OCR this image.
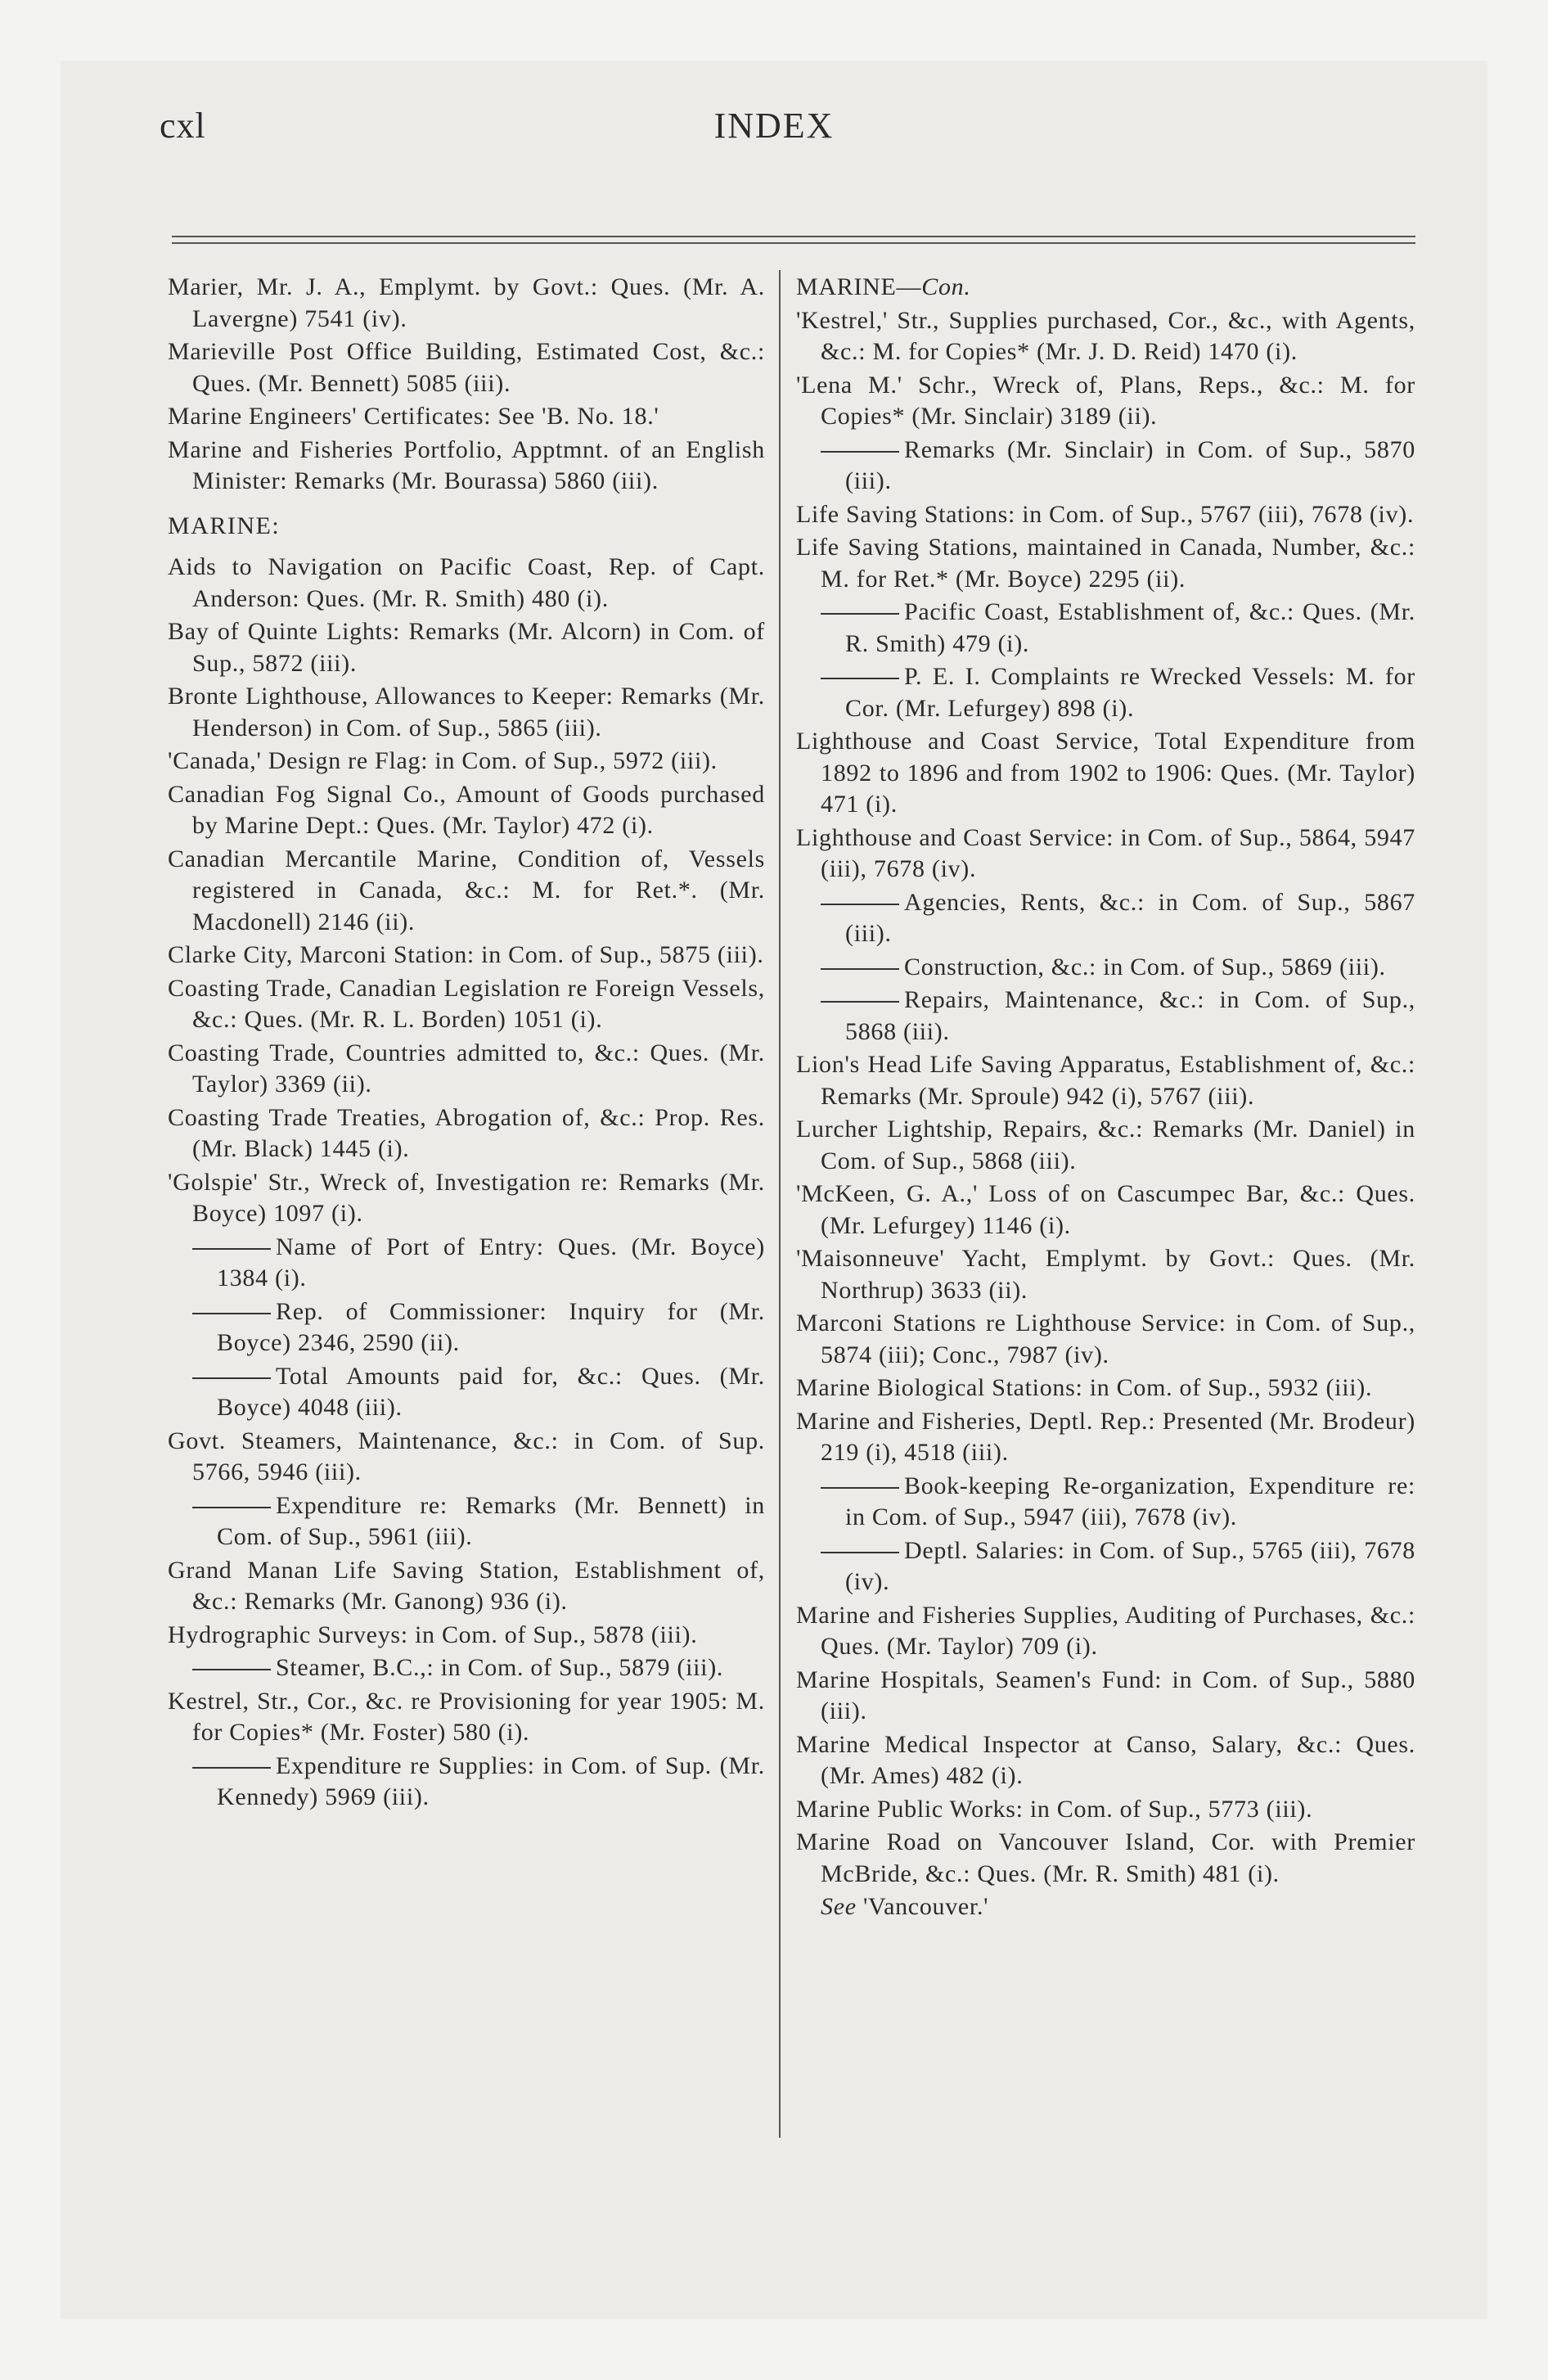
cxl	INDEX

Marier, Mr. J. A., Emplymt. by Govt.: Ques. (Mr. A. Lavergne) 7541 (iv).

Marieville Post Office Building, Estimated Cost, &c.: Ques. (Mr. Bennett) 5085 (iii).

Marine Engineers' Certificates: See 'B. No. 18.'

Marine and Fisheries Portfolio, Apptmnt. of an English Minister: Remarks (Mr. Bourassa) 5860 (iii).

MARINE:

Aids to Navigation on Pacific Coast, Rep. of Capt. Anderson: Ques. (Mr. R. Smith) 480 (i).

Bay of Quinte Lights: Remarks (Mr. Alcorn) in Com. of Sup., 5872 (iii).

Bronte Lighthouse, Allowances to Keeper: Remarks (Mr. Henderson) in Com. of Sup., 5865 (iii).

'Canada,' Design re Flag: in Com. of Sup., 5972 (iii).

Canadian Fog Signal Co., Amount of Goods purchased by Marine Dept.: Ques. (Mr. Taylor) 472 (i).

Canadian Mercantile Marine, Condition of, Vessels registered in Canada, &c.: M. for Ret.*. (Mr. Macdonell) 2146 (ii).

Clarke City, Marconi Station: in Com. of Sup., 5875 (iii).

Coasting Trade, Canadian Legislation re Foreign Vessels, &c.: Ques. (Mr. R. L. Borden) 1051 (i).

Coasting Trade, Countries admitted to, &c.: Ques. (Mr. Taylor) 3369 (ii).

Coasting Trade Treaties, Abrogation of, &c.: Prop. Res. (Mr. Black) 1445 (i).

'Golspie' Str., Wreck of, Investigation re: Remarks (Mr. Boyce) 1097 (i).

Name of Port of Entry: Ques. (Mr. Boyce) 1384 (i).

Rep. of Commissioner: Inquiry for (Mr. Boyce) 2346, 2590 (ii).

Total Amounts paid for, &c.: Ques. (Mr. Boyce) 4048 (iii).

Govt. Steamers, Maintenance, &c.: in Com. of Sup. 5766, 5946 (iii).

Expenditure re: Remarks (Mr. Bennett) in Com. of Sup., 5961 (iii).

Grand Manan Life Saving Station, Establishment of, &c.: Remarks (Mr. Ganong) 936 (i).

Hydrographic Surveys: in Com. of Sup., 5878 (iii).

Steamer, B.C.,: in Com. of Sup., 5879 (iii).

Kestrel, Str., Cor., &c. re Provisioning for year 1905: M. for Copies* (Mr. Foster) 580 (i).

Expenditure re Supplies: in Com. of Sup. (Mr. Kennedy) 5969 (iii).

MARINE—Con.

'Kestrel,' Str., Supplies purchased, Cor., &c., with Agents, &c.: M. for Copies* (Mr. J. D. Reid) 1470 (i).

'Lena M.' Schr., Wreck of, Plans, Reps., &c.: M. for Copies* (Mr. Sinclair) 3189 (ii).

Remarks (Mr. Sinclair) in Com. of Sup., 5870 (iii).

Life Saving Stations: in Com. of Sup., 5767 (iii), 7678 (iv).

Life Saving Stations, maintained in Canada, Number, &c.: M. for Ret.* (Mr. Boyce) 2295 (ii).

Pacific Coast, Establishment of, &c.: Ques. (Mr. R. Smith) 479 (i).

P. E. I. Complaints re Wrecked Vessels: M. for Cor. (Mr. Lefurgey) 898 (i).

Lighthouse and Coast Service, Total Expenditure from 1892 to 1896 and from 1902 to 1906: Ques. (Mr. Taylor) 471 (i).

Lighthouse and Coast Service: in Com. of Sup., 5864, 5947 (iii), 7678 (iv).

Agencies, Rents, &c.: in Com. of Sup., 5867 (iii).

Construction, &c.: in Com. of Sup., 5869 (iii).

Repairs, Maintenance, &c.: in Com. of Sup., 5868 (iii).

Lion's Head Life Saving Apparatus, Establishment of, &c.: Remarks (Mr. Sproule) 942 (i), 5767 (iii).

Lurcher Lightship, Repairs, &c.: Remarks (Mr. Daniel) in Com. of Sup., 5868 (iii).

'McKeen, G. A.,' Loss of on Cascumpec Bar, &c.: Ques. (Mr. Lefurgey) 1146 (i).

'Maisonneuve' Yacht, Emplymt. by Govt.: Ques. (Mr. Northrup) 3633 (ii).

Marconi Stations re Lighthouse Service: in Com. of Sup., 5874 (iii); Conc., 7987 (iv).

Marine Biological Stations: in Com. of Sup., 5932 (iii).

Marine and Fisheries, Deptl. Rep.: Presented (Mr. Brodeur) 219 (i), 4518 (iii).

Book-keeping Re-organization, Expenditure re: in Com. of Sup., 5947 (iii), 7678 (iv).

Deptl. Salaries: in Com. of Sup., 5765 (iii), 7678 (iv).

Marine and Fisheries Supplies, Auditing of Purchases, &c.: Ques. (Mr. Taylor) 709 (i).

Marine Hospitals, Seamen's Fund: in Com. of Sup., 5880 (iii).

Marine Medical Inspector at Canso, Salary, &c.: Ques. (Mr. Ames) 482 (i).

Marine Public Works: in Com. of Sup., 5773 (iii).

Marine Road on Vancouver Island, Cor. with Premier McBride, &c.: Ques. (Mr. R. Smith) 481 (i).

See 'Vancouver.'
